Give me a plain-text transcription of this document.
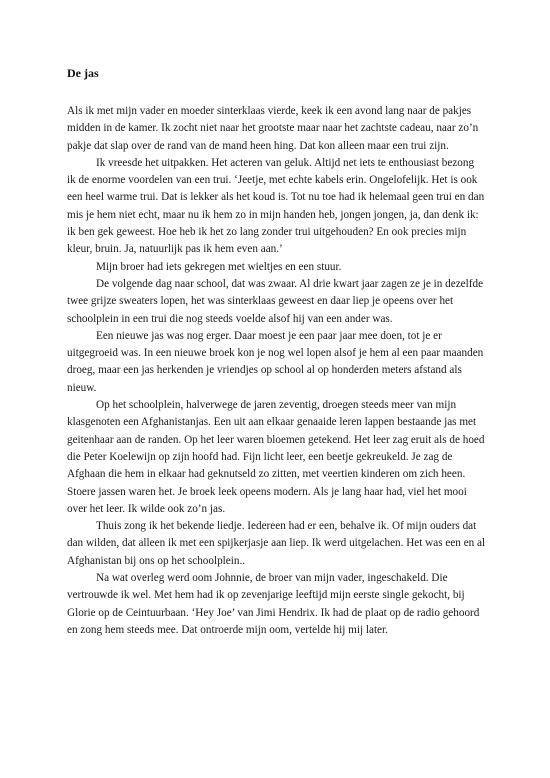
De jas

Als ik met mijn vader en moeder sinterklaas vierde, keek ik een avond lang naar de pakjes
midden in de kamer. Ik zocht niet naar het grootste maar naar het zachtste cadeau, naar zo’n
pakje dat slap over de rand van de mand heen hing. Dat kon alleen maar een trui zijn.

Ik vreesde het uitpakken. Het acteren van geluk. Altijd net iets te enthousiast bezong
ik de enorme voordelen van een trui. ‘Jeetje, met echte kabels erin. Ongelofelijk. Het is ook
een heel warme trui. Dat is lekker als het koud is. Tot nu toe had ik helemaal geen trui en dan
mis je hem niet echt, maar nu ik hem zo in mijn handen heb, jongen jongen, ja, dan denk ik:
ik ben gek geweest. Hoe heb ik het zo lang zonder trui uitgehouden? En ook precies mijn
kleur, bruin. Ja, natuurlijk pas ik hem even aan.’

Mijn broer had iets gekregen met wieltjes en een stuur.

De volgende dag naar school, dat was zwaar. Al drie kwart jaar zagen ze je in dezelfde
twee grijze sweaters lopen, het was sinterklaas geweest en daar liep je opeens over het
schoolplein in een trui die nog steeds voelde alsof hij van een ander was.

Een nieuwe jas was nog erger. Daar moest je een paar jaar mee doen, tot je er
uitgegroeid was. In een nieuwe broek kon je nog wel lopen alsof je hem al een paar maanden
droeg, maar een jas herkenden je vriendjes op school al op honderden meters afstand als
nieuw.

Op het schoolplein, halverwege de jaren zeventig, droegen steeds meer van mijn
klasgenoten een Afghanistanjas. Een uit aan elkaar genaaide leren lappen bestaande jas met
geitenhaar aan de randen. Op het leer waren bloemen getekend. Het leer zag eruit als de hoed
die Peter Koelewijn op zijn hoofd had. Fijn licht leer, een beetje gekreukeld. Je zag de
Afghaan die hem in elkaar had geknutseld zo zitten, met veertien kinderen om zich heen.
Stoere jassen waren het. Je broek leek opeens modern. Als je lang haar had, viel het mooi
over het leer. Ik wilde ook zo’n jas.

Thuis zong ik het bekende liedje. Iedereen had er een, behalve ik. Of mijn ouders dat
dan wilden, dat alleen ik met een spijkerjasje aan liep. Ik werd uitgelachen. Het was een en al
Afghanistan bij ons op het schoolplein..

Na wat overleg werd oom Johnnie, de broer van mijn vader, ingeschakeld. Die
vertrouwde ik wel. Met hem had ik op zevenjarige leeftijd mijn eerste single gekocht, bij
Glorie op de Ceintuurbaan. ‘Hey Joe’ van Jimi Hendrix. Ik had de plaat op de radio gehoord
en zong hem steeds mee. Dat ontroerde mijn oom, vertelde hij mij later.
